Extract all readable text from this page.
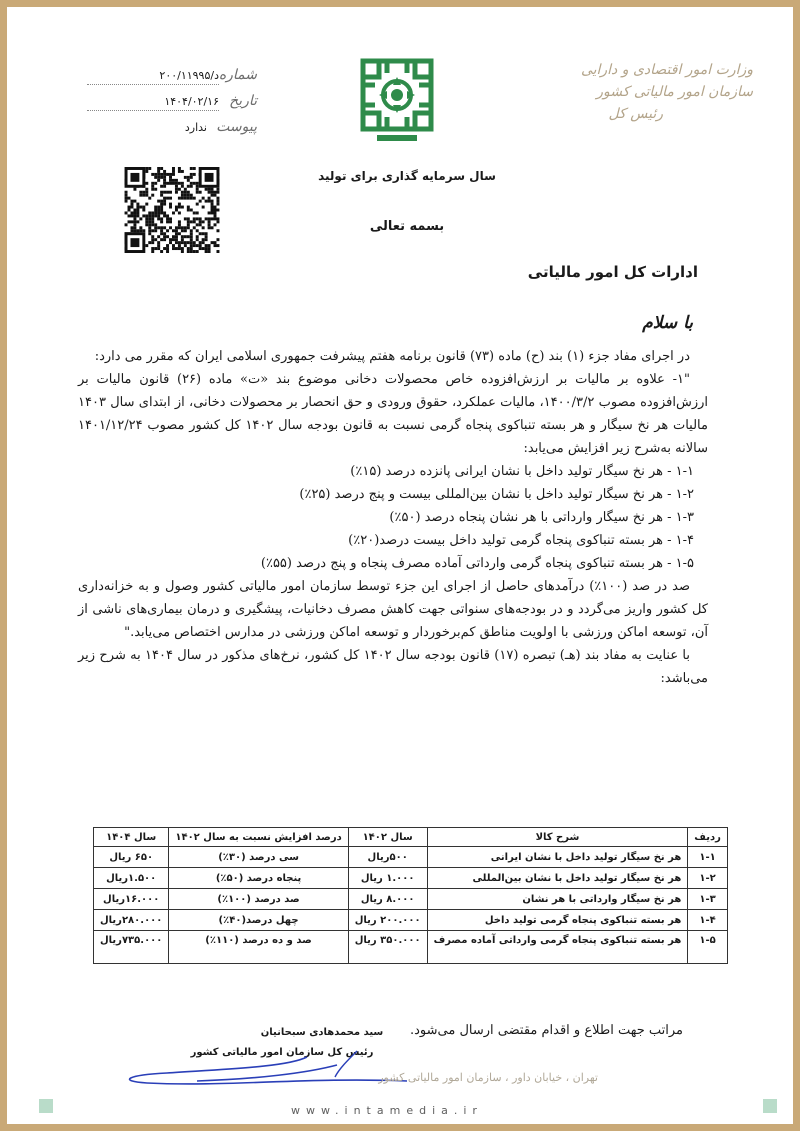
وزارت امور اقتصادی و دارایی
سازمان امور مالیاتی کشور
رئیس کل
سال سرمایه گذاری برای تولید
بسمه تعالی
شماره
د/۲۰۰/۱۱۹۹۵
تاریخ
۱۴۰۴/۰۲/۱۶
پیوست
ندارد
ادارات کل امور مالیاتی
با سلام

در اجرای مفاد جزء (۱) بند (ح) ماده (۷۳) قانون برنامه هفتم پیشرفت جمهوری اسلامی ایران که مقرر می دارد:

"۱- علاوه بر مالیات بر ارزش‌افزوده خاص محصولات دخانی موضوع بند «ت» ماده (۲۶) قانون مالیات بر ارزش‌افزوده مصوب ۱۴۰۰/۳/۲، مالیات عملکرد، حقوق ورودی و حق انحصار بر محصولات دخانی، از ابتدای سال ۱۴۰۳ مالیات هر نخ سیگار و هر بسته تنباکوی پنجاه گرمی نسبت به قانون بودجه سال ۱۴۰۲ کل کشور مصوب ۱۴۰۱/۱۲/۲۴ سالانه به‌شرح زیر افزایش می‌یابد:

۱-۱ - هر نخ سیگار تولید داخل با نشان ایرانی پانزده درصد (۱۵٪)

۱-۲ - هر نخ سیگار تولید داخل با نشان بین‌المللی بیست و پنج درصد (۲۵٪)

۱-۳ - هر نخ سیگار وارداتی با هر نشان پنجاه درصد (۵۰٪)

۱-۴ - هر بسته تنباکوی پنجاه گرمی تولید داخل بیست درصد(۲۰٪)

۱-۵ - هر بسته تنباکوی پنجاه گرمی وارداتی آماده مصرف پنجاه و پنج درصد (۵۵٪)

صد در صد (۱۰۰٪) درآمدهای حاصل از اجرای این جزء توسط سازمان امور مالیاتی کشور وصول و به خزانه‌داری کل کشور واریز می‌گردد و در بودجه‌های سنواتی جهت کاهش مصرف دخانیات، پیشگیری و درمان بیماری‌های ناشی از آن، توسعه اماکن ورزشی با اولویت مناطق کم‌برخوردار و توسعه اماکن ورزشی در مدارس اختصاص می‌یابد."

با عنایت به مفاد بند (هـ) تبصره (۱۷) قانون بودجه سال ۱۴۰۲ کل کشور، نرخ‌های مذکور در سال ۱۴۰۴ به شرح زیر می‌باشد:

ردیف	شرح کالا	سال ۱۴۰۲	درصد افزایش نسبت به سال ۱۴۰۲	سال ۱۴۰۴
۱-۱	هر نخ سیگار تولید داخل با نشان ایرانی	۵۰۰ریال	سی درصد (۳۰٪)	۶۵۰ ریال
۱-۲	هر نخ سیگار تولید داخل با نشان بین‌المللی	۱.۰۰۰ ریال	پنجاه درصد (۵۰٪)	۱.۵۰۰ریال
۱-۳	هر نخ سیگار وارداتی با هر نشان	۸.۰۰۰ ریال	صد درصد (۱۰۰٪)	۱۶.۰۰۰ریال
۱-۴	هر بسته تنباکوی پنجاه گرمی تولید داخل	۲۰۰.۰۰۰ ریال	چهل درصد(۴۰٪)	۲۸۰.۰۰۰ریال
۱-۵	هر بسته تنباکوی پنجاه گرمی وارداتی آماده مصرف	۳۵۰.۰۰۰ ریال	صد و ده درصد (۱۱۰٪)	۷۳۵.۰۰۰ریال
مراتب جهت اطلاع و اقدام مقتضی ارسال می‌شود.
سید محمدهادی سبحانیان
رئیس کل سازمان امور مالیاتی کشور
تهران ، خیابان داور ، سازمان امور مالیاتی کشور
www.intamedia.ir
